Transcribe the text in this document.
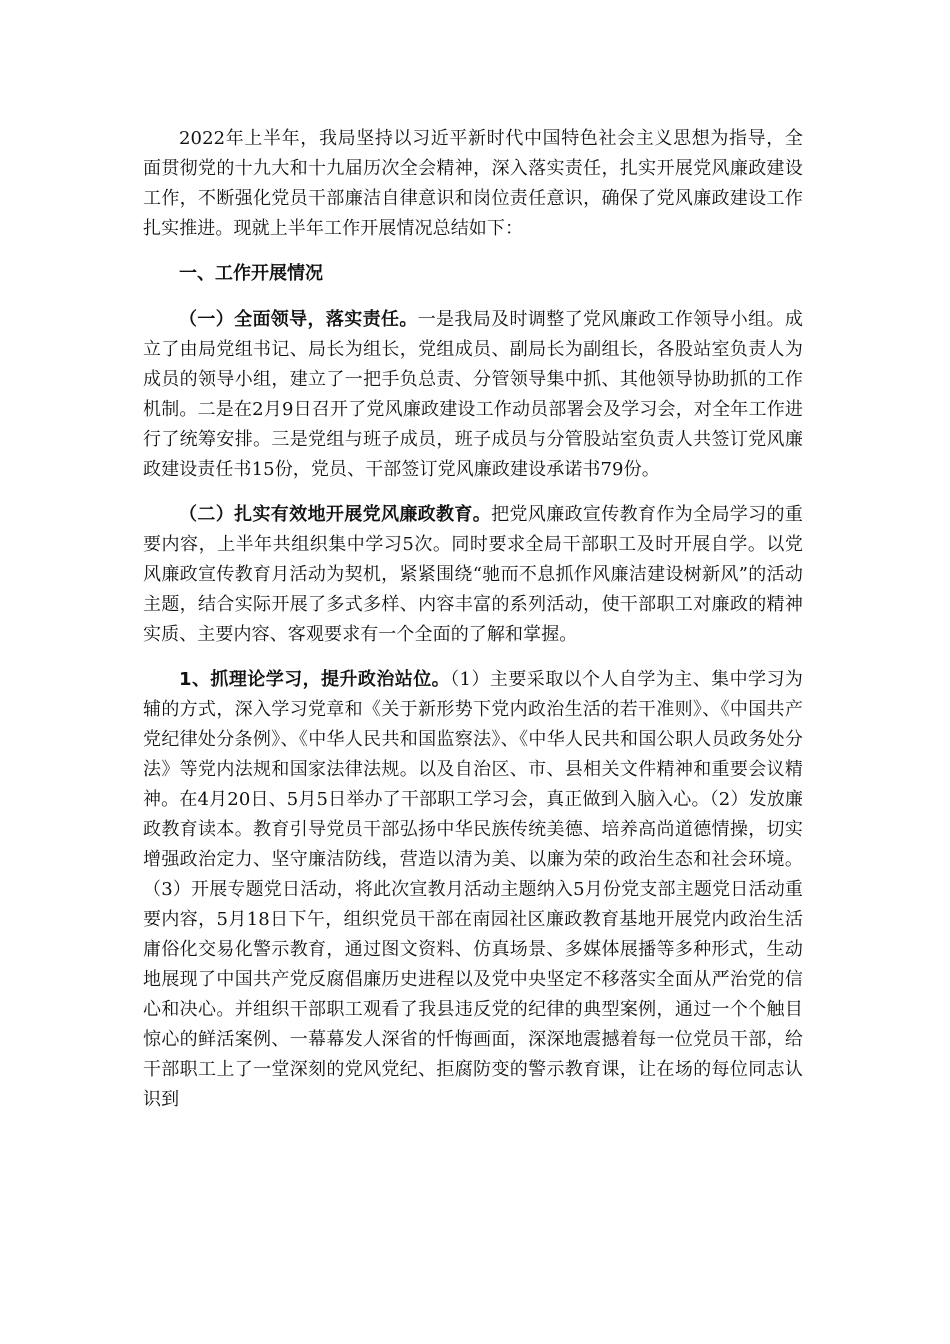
2022年上半年，我局坚持以习近平新时代中国特色社会主义思想为指导，全面贯彻党的十九大和十九届历次全会精神，深入落实责任，扎实开展党风廉政建设工作，不断强化党员干部廉洁自律意识和岗位责任意识，确保了党风廉政建设工作扎实推进。现就上半年工作开展情况总结如下：

一、工作开展情况

（一）全面领导，落实责任。一是我局及时调整了党风廉政工作领导小组。成立了由局党组书记、局长为组长，党组成员、副局长为副组长，各股站室负责人为成员的领导小组，建立了一把手负总责、分管领导集中抓、其他领导协助抓的工作机制。二是在2月9日召开了党风廉政建设工作动员部署会及学习会，对全年工作进行了统筹安排。三是党组与班子成员，班子成员与分管股站室负责人共签订党风廉政建设责任书15份，党员、干部签订党风廉政建设承诺书79份。

（二）扎实有效地开展党风廉政教育。把党风廉政宣传教育作为全局学习的重要内容，上半年共组织集中学习5次。同时要求全局干部职工及时开展自学。以党风廉政宣传教育月活动为契机，紧紧围绕“驰而不息抓作风廉洁建设树新风”的活动主题，结合实际开展了多式多样、内容丰富的系列活动，使干部职工对廉政的精神实质、主要内容、客观要求有一个全面的了解和掌握。

1、抓理论学习，提升政治站位。（1）主要采取以个人自学为主、集中学习为辅的方式，深入学习党章和《关于新形势下党内政治生活的若干准则》、《中国共产党纪律处分条例》、《中华人民共和国监察法》、《中华人民共和国公职人员政务处分法》等党内法规和国家法律法规。以及自治区、市、县相关文件精神和重要会议精神。在4月20日、5月5日举办了干部职工学习会，真正做到入脑入心。（2）发放廉政教育读本。教育引导党员干部弘扬中华民族传统美德、培养高尚道德情操，切实增强政治定力、坚守廉洁防线，营造以清为美、以廉为荣的政治生态和社会环境。（3）开展专题党日活动，将此次宣教月活动主题纳入5月份党支部主题党日活动重要内容，5月18日下午，组织党员干部在南园社区廉政教育基地开展党内政治生活庸俗化交易化警示教育，通过图文资料、仿真场景、多媒体展播等多种形式，生动地展现了中国共产党反腐倡廉历史进程以及党中央坚定不移落实全面从严治党的信心和决心。并组织干部职工观看了我县违反党的纪律的典型案例，通过一个个触目惊心的鲜活案例、一幕幕发人深省的忏悔画面，深深地震撼着每一位党员干部，给干部职工上了一堂深刻的党风党纪、拒腐防变的警示教育课，让在场的每位同志认识到
